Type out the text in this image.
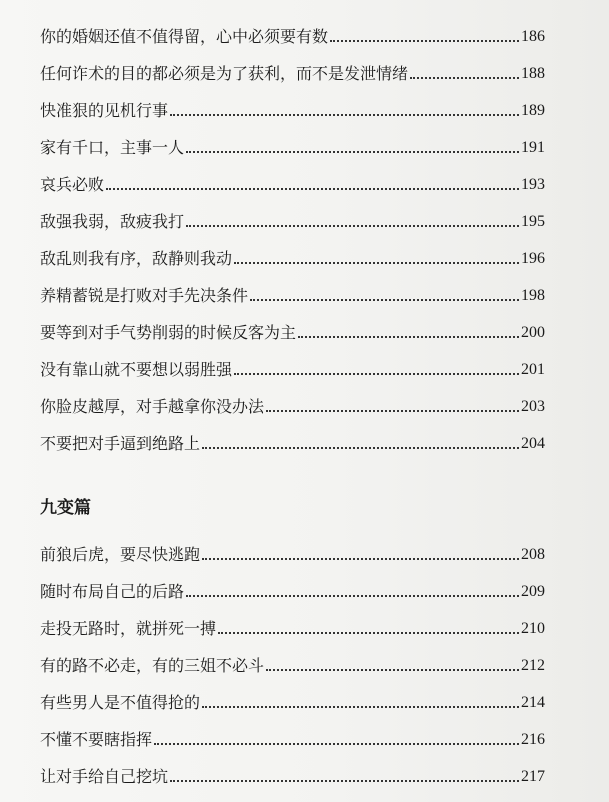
你的婚姻还值不值得留，心中必须要有数	186
任何诈术的目的都必须是为了获利，而不是发泄情绪	188
快准狠的见机行事	189
家有千口，主事一人	191
哀兵必败	193
敌强我弱，敌疲我打	195
敌乱则我有序，敌静则我动	196
养精蓄锐是打败对手先决条件	198
要等到对手气势削弱的时候反客为主	200
没有靠山就不要想以弱胜强	201
你脸皮越厚，对手越拿你没办法	203
不要把对手逼到绝路上	204
九变篇
前狼后虎，要尽快逃跑	208
随时布局自己的后路	209
走投无路时，就拼死一搏	210
有的路不必走，有的三姐不必斗	212
有些男人是不值得抢的	214
不懂不要瞎指挥	216
让对手给自己挖坑	217
